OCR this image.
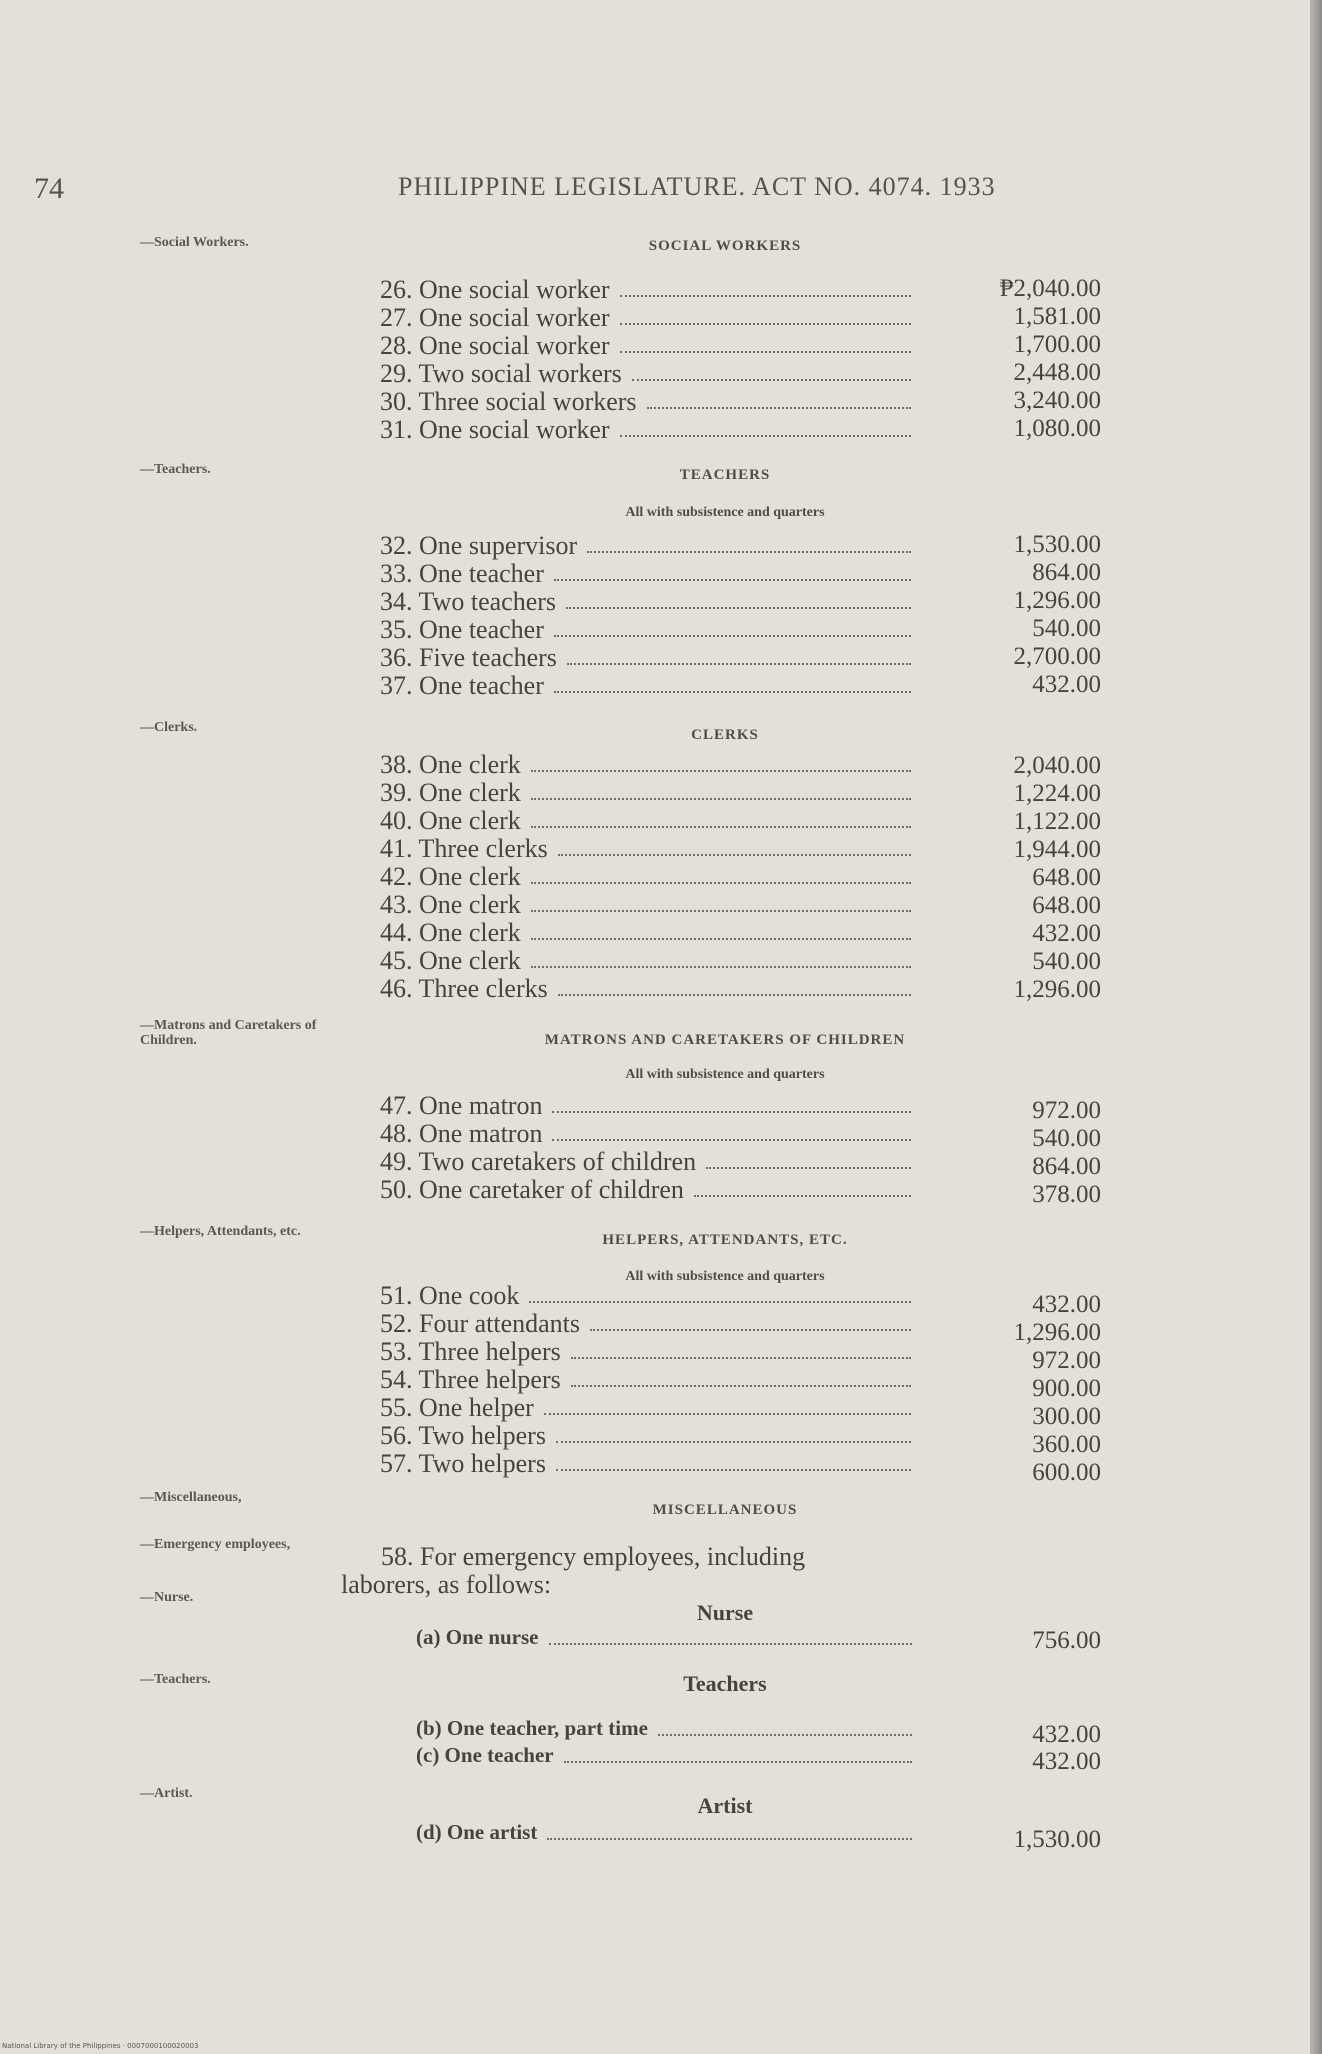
74	PHILIPPINE LEGISLATURE. ACT NO. 4074. 1933
—Social Workers.
—Teachers.
—Clerks.
—Matrons and Caretakers of Children.
—Helpers, Attendants, etc.
—Miscellaneous,
—Emergency employees,
—Nurse.
—Teachers.
—Artist.
SOCIAL WORKERS
26. One social worker	₱2,040.00
27. One social worker	1,581.00
28. One social worker	1,700.00
29. Two social workers	2,448.00
30. Three social workers	3,240.00
31. One social worker	1,080.00
TEACHERS
All with subsistence and quarters
32. One supervisor	1,530.00
33. One teacher	864.00
34. Two teachers	1,296.00
35. One teacher	540.00
36. Five teachers	2,700.00
37. One teacher	432.00
CLERKS
38. One clerk	2,040.00
39. One clerk	1,224.00
40. One clerk	1,122.00
41. Three clerks	1,944.00
42. One clerk	648.00
43. One clerk	648.00
44. One clerk	432.00
45. One clerk	540.00
46. Three clerks	1,296.00
MATRONS AND CARETAKERS OF CHILDREN
All with subsistence and quarters
47. One matron	972.00
48. One matron	540.00
49. Two caretakers of children	864.00
50. One caretaker of children	378.00
HELPERS, ATTENDANTS, ETC.
All with subsistence and quarters
51. One cook	432.00
52. Four attendants	1,296.00
53. Three helpers	972.00
54. Three helpers	900.00
55. One helper	300.00
56. Two helpers	360.00
57. Two helpers	600.00
MISCELLANEOUS
58. For emergency employees, including
laborers, as follows:
Nurse
(a) One nurse	756.00
Teachers
(b) One teacher, part time	432.00
(c) One teacher	432.00
Artist
(d) One artist	1,530.00
National Library of the Philippines · 0007000100020003
